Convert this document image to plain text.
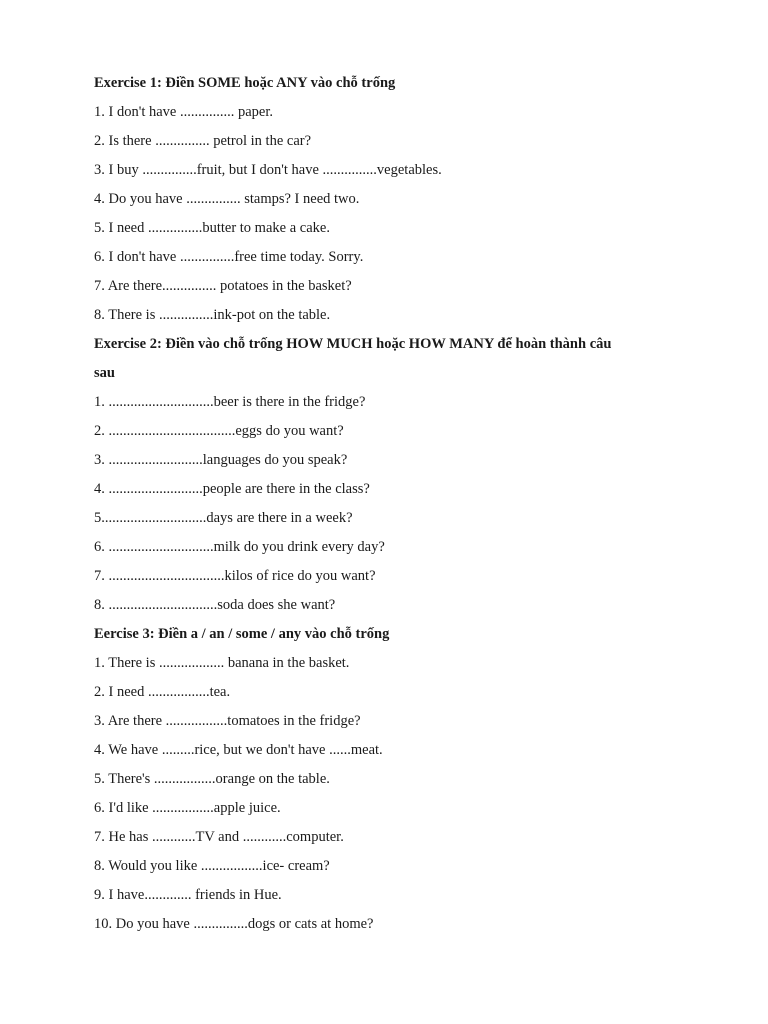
Exercise 1: Điền SOME hoặc ANY vào chỗ trống
1. I don't have ............... paper.
2. Is there ............... petrol in the car?
3. I buy ...............fruit, but I don't have ...............vegetables.
4. Do you have ............... stamps? I need two.
5. I need ...............butter to make a cake.
6. I don't have ...............free time today. Sorry.
7. Are there............... potatoes in the basket?
8. There is ...............ink-pot on the table.
Exercise 2: Điền vào chỗ trống HOW MUCH hoặc HOW MANY để hoàn thành câu
sau
1. .............................beer is there in the fridge?
2. ...................................eggs do you want?
3. ..........................languages do you speak?
4. ..........................people are there in the class?
5.............................days are there in a week?
6. .............................milk do you drink every day?
7. ................................kilos of rice do you want?
8. ..............................soda does she want?
Eercise 3: Điền a / an / some / any vào chỗ trống
1. There is .................. banana in the basket.
2. I need .................tea.
3. Are there .................tomatoes in the fridge?
4. We have .........rice, but we don't have ......meat.
5. There's .................orange on the table.
6. I'd like .................apple juice.
7. He has ............TV and ............computer.
8. Would you like .................ice- cream?
9. I have............. friends in Hue.
10. Do you have ...............dogs or cats at home?
